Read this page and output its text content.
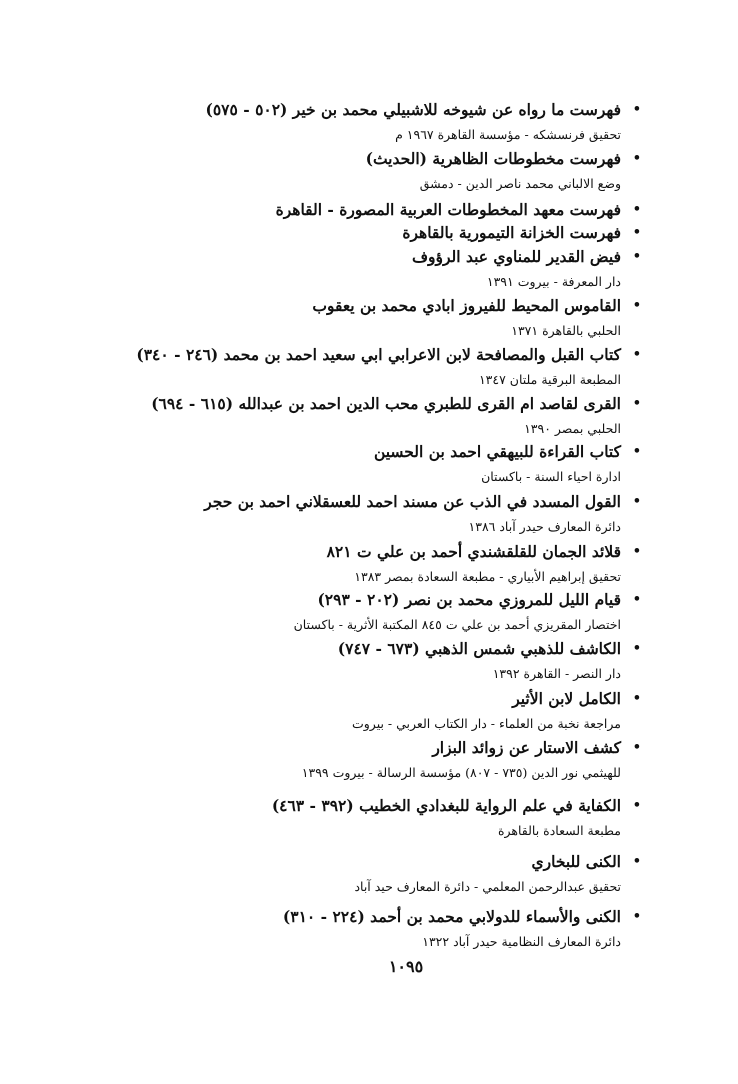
•
فهرست ما رواه عن شيوخه للاشبيلي محمد بن خير (٥٠٢ - ٥٧٥)
تحقيق فرنسشكه - مؤسسة القاهرة ١٩٦٧ م
•
فهرست مخطوطات الظاهرية (الحديث)
وضع الالباني محمد ناصر الدين - دمشق
•
فهرست معهد المخطوطات العربية المصورة - القاهرة
•
فهرست الخزانة التيمورية بالقاهرة
•
فيض القدير للمناوي عبد الرؤوف
دار المعرفة - بيروت ١٣٩١
•
القاموس المحيط للفيروز ابادي محمد بن يعقوب
الحلبي بالقاهرة ١٣٧١
•
كتاب القبل والمصافحة لابن الاعرابي ابي سعيد احمد بن محمد (٢٤٦ - ٣٤٠)
المطبعة البرقية ملتان ١٣٤٧
•
القرى لقاصد ام القرى للطبري محب الدين احمد بن عبدالله (٦١٥ - ٦٩٤)
الحلبي بمصر ١٣٩٠
•
كتاب القراءة للبيهقي احمد بن الحسين
ادارة احياء السنة - باكستان
•
القول المسدد في الذب عن مسند احمد للعسقلاني احمد بن حجر
دائرة المعارف حيدر آباد ١٣٨٦
•
قلائد الجمان للقلقشندي أحمد بن علي ت ٨٢١
تحقيق إبراهيم الأبياري - مطبعة السعادة بمصر ١٣٨٣
•
قيام الليل للمروزي محمد بن نصر (٢٠٢ - ٢٩٣)
اختصار المقريزي أحمد بن علي ت ٨٤٥ المكتبة الأثرية - باكستان
•
الكاشف للذهبي شمس الذهبي (٦٧٣ - ٧٤٧)
دار النصر - القاهرة ١٣٩٢
•
الكامل لابن الأثير
مراجعة نخبة من العلماء - دار الكتاب العربي - بيروت
•
كشف الاستار عن زوائد البزار
للهيثمي نور الدين (٧٣٥ - ٨٠٧) مؤسسة الرسالة - بيروت ١٣٩٩
•
الكفاية في علم الرواية للبغدادي الخطيب (٣٩٢ - ٤٦٣)
مطبعة السعادة بالقاهرة
•
الكنى للبخاري
تحقيق عبدالرحمن المعلمي - دائرة المعارف حيد آباد
•
الكنى والأسماء للدولابي محمد بن أحمد (٢٢٤ - ٣١٠)
دائرة المعارف النظامية حيدر آباد ١٣٢٢
١٠٩٥
